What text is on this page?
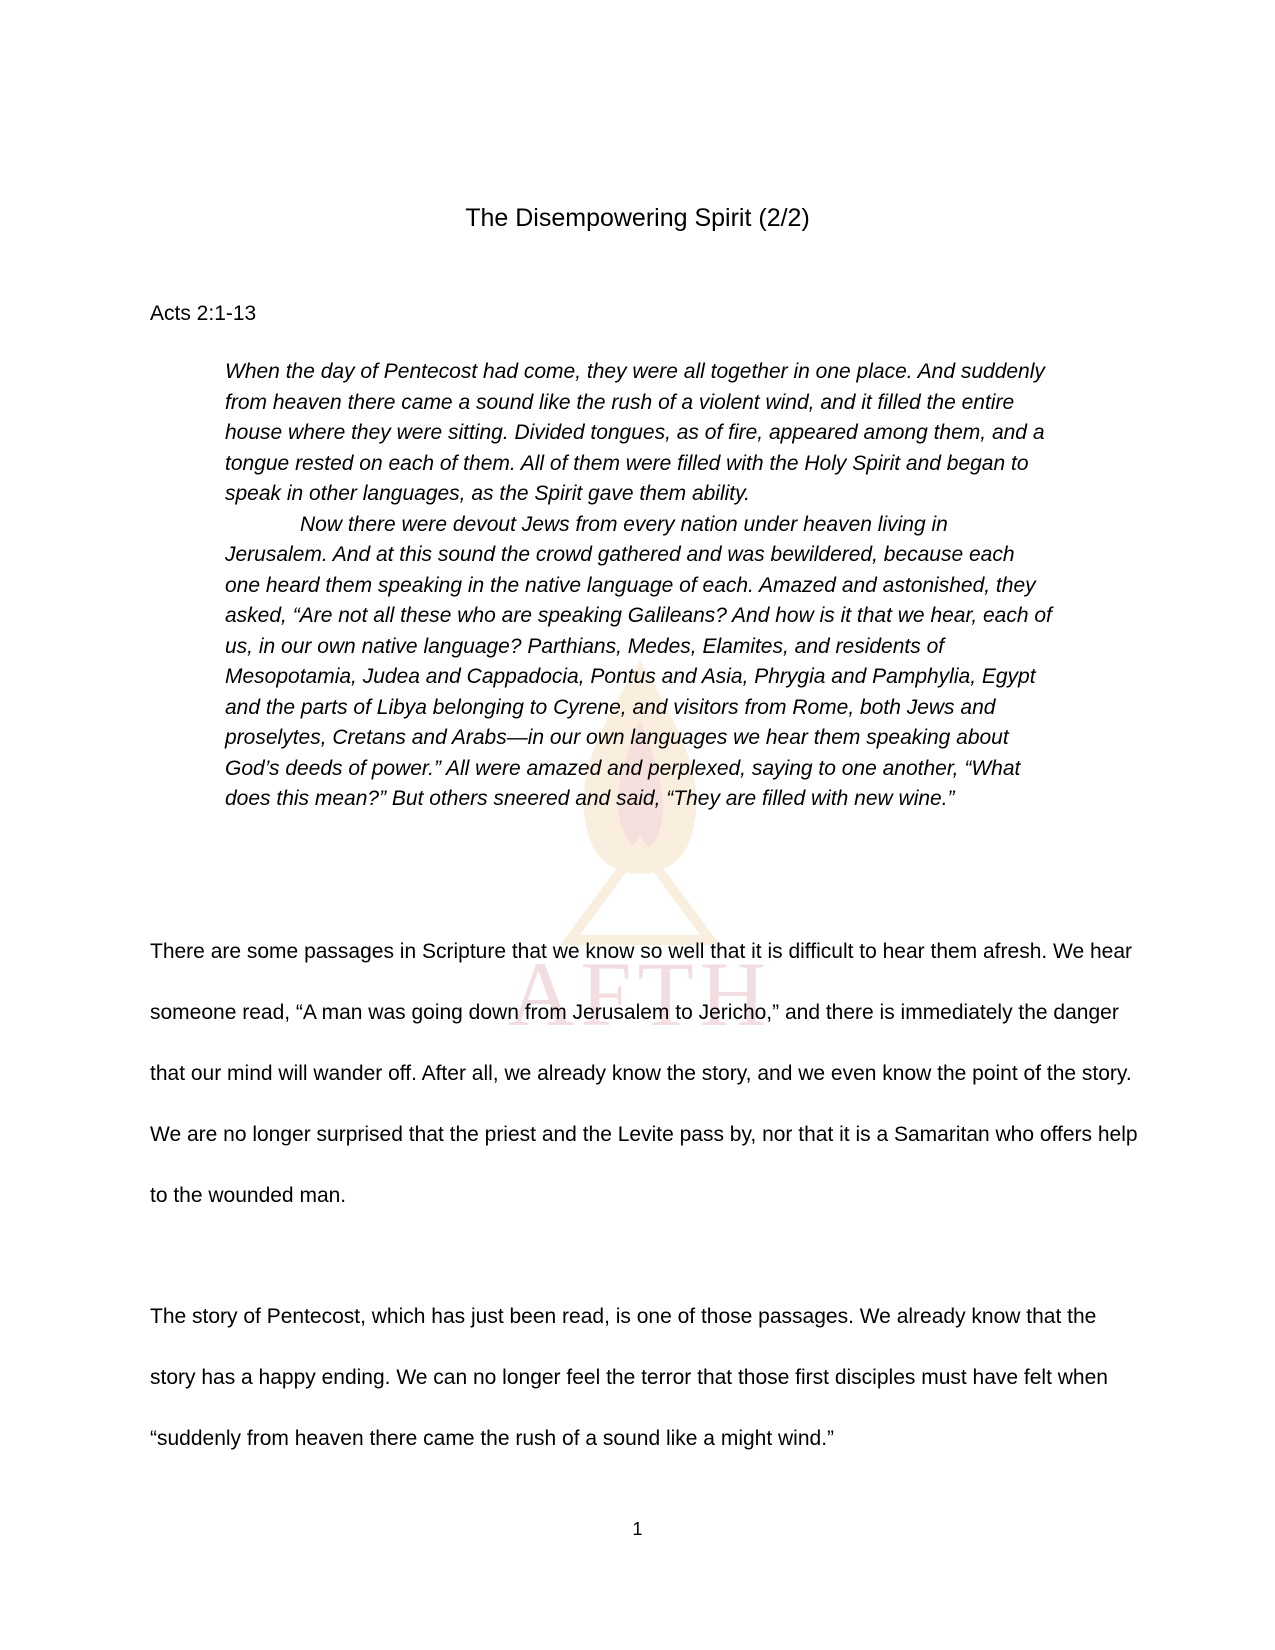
AFTH
The Disempowering Spirit (2/2)

Acts 2:1-13

When the day of Pentecost had come, they were all together in one place. And suddenly from heaven there came a sound like the rush of a violent wind, and it filled the entire house where they were sitting. Divided tongues, as of fire, appeared among them, and a tongue rested on each of them. All of them were filled with the Holy Spirit and began to speak in other languages, as the Spirit gave them ability.

Now there were devout Jews from every nation under heaven living in Jerusalem. And at this sound the crowd gathered and was bewildered, because each one heard them speaking in the native language of each. Amazed and astonished, they asked, “Are not all these who are speaking Galileans? And how is it that we hear, each of us, in our own native language? Parthians, Medes, Elamites, and residents of Mesopotamia, Judea and Cappadocia, Pontus and Asia, Phrygia and Pamphylia, Egypt and the parts of Libya belonging to Cyrene, and visitors from Rome, both Jews and proselytes, Cretans and Arabs—in our own languages we hear them speaking about God’s deeds of power.” All were amazed and perplexed, saying to one another, “What does this mean?” But others sneered and said, “They are filled with new wine.”

There are some passages in Scripture that we know so well that it is difficult to hear them afresh. We hear someone read, “A man was going down from Jerusalem to Jericho,” and there is immediately the danger that our mind will wander off. After all, we already know the story, and we even know the point of the story. We are no longer surprised that the priest and the Levite pass by, nor that it is a Samaritan who offers help to the wounded man.

The story of Pentecost, which has just been read, is one of those passages. We already know that the story has a happy ending. We can no longer feel the terror that those first disciples must have felt when “suddenly from heaven there came the rush of a sound like a might wind.”

1
